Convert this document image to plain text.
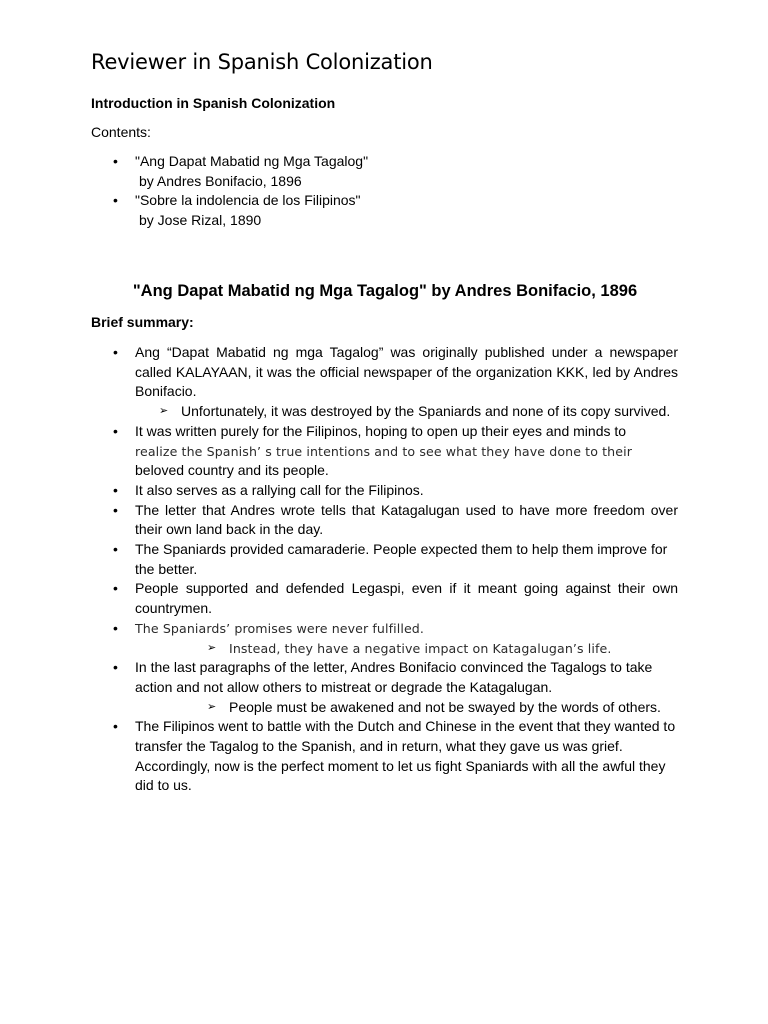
Reviewer in Spanish Colonization
Introduction in Spanish Colonization
Contents:
• "Ang Dapat Mabatid ng Mga Tagalog"
by Andres Bonifacio, 1896
• "Sobre la indolencia de los Filipinos"
by Jose Rizal, 1890
"Ang Dapat Mabatid ng Mga Tagalog" by Andres Bonifacio, 1896
Brief summary:
• Ang “Dapat Mabatid ng mga Tagalog” was originally published under a newspaper called KALAYAAN, it was the official newspaper of the organization KKK, led by Andres Bonifacio.
➢ Unfortunately, it was destroyed by the Spaniards and none of its copy survived.
• It was written purely for the Filipinos, hoping to open up their eyes and minds to
realize the Spanish’ s true intentions and to see what they have done to their
beloved country and its people.
• It also serves as a rallying call for the Filipinos.
• The letter that Andres wrote tells that Katagalugan used to have more freedom over their own land back in the day.
• The Spaniards provided camaraderie. People expected them to help them improve for the better.
• People supported and defended Legaspi, even if it meant going against their own countrymen.
• The Spaniards’ promises were never fulfilled.
➢ Instead, they have a negative impact on Katagalugan’s life.
• In the last paragraphs of the letter, Andres Bonifacio convinced the Tagalogs to take action and not allow others to mistreat or degrade the Katagalugan.
➢ People must be awakened and not be swayed by the words of others.
• The Filipinos went to battle with the Dutch and Chinese in the event that they wanted to transfer the Tagalog to the Spanish, and in return, what they gave us was grief. Accordingly, now is the perfect moment to let us fight Spaniards with all the awful they did to us.
